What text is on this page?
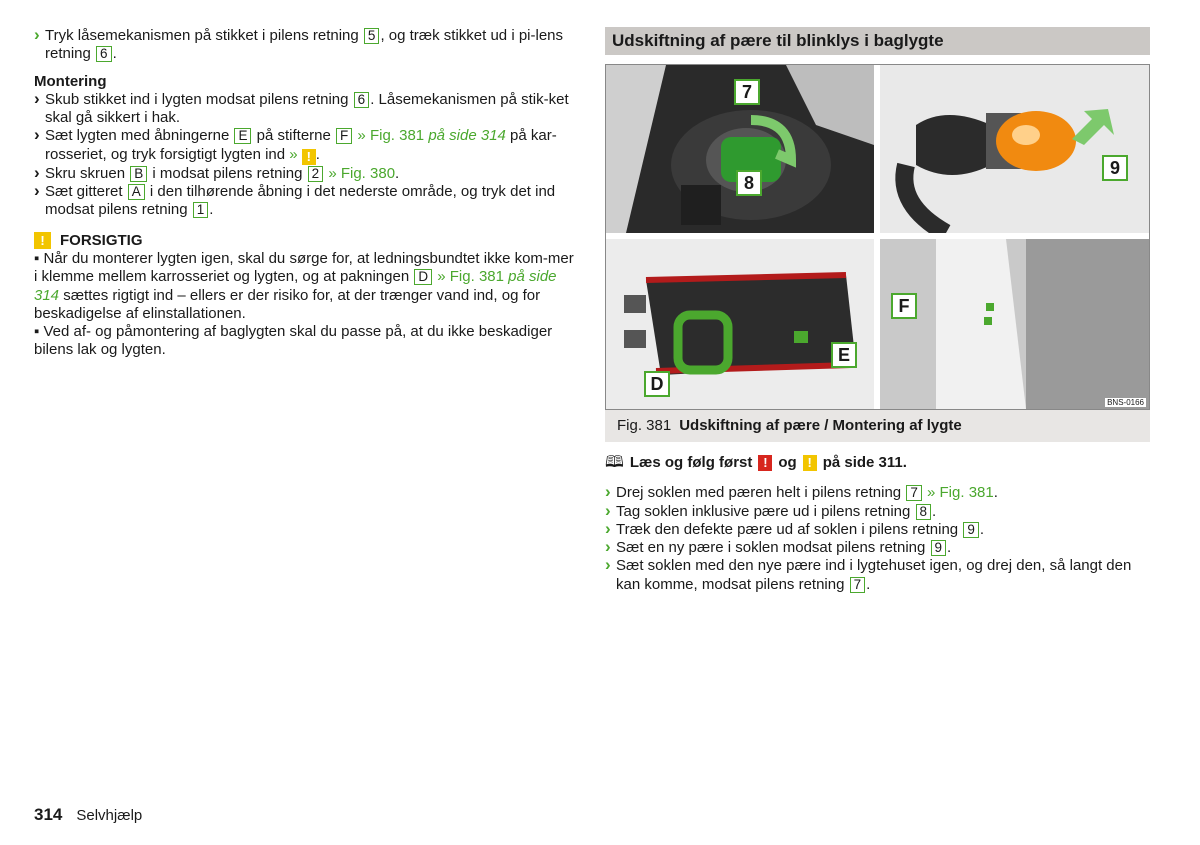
› Tryk låsemekanismen på stikket i pilens retning 5 , og træk stikket ud i pi-lens retning 6 .

Montering

› Skub stikket ind i lygten modsat pilens retning 6 . Låsemekanismen på stik-ket skal gå sikkert i hak.

› Sæt lygten med åbningerne E på stifterne F » Fig. 381 på side 314 på kar-rosseriet, og tryk forsigtigt lygten ind » ! .

› Skru skruen B i modsat pilens retning 2 » Fig. 380.

› Sæt gitteret A i den tilhørende åbning i det nederste område, og tryk det ind modsat pilens retning 1 .

!	FORSIGTIG

▪ Når du monterer lygten igen, skal du sørge for, at ledningsbundtet ikke kom-mer i klemme mellem karrosseriet og lygten, og at pakningen D » Fig. 381 på side 314 sættes rigtigt ind – ellers er der risiko for, at der trænger vand ind, og for beskadigelse af elinstallationen.

▪ Ved af- og påmontering af baglygten skal du passe på, at du ikke beskadiger bilens lak og lygten.

Udskiftning af pære til blinklys i baglygte
7
8
9
D
E
F
BNS-0166
Fig. 381 Udskiftning af pære / Montering af lygte
🕮 Læs og følg først ! og ! på side 311.

› Drej soklen med pæren helt i pilens retning 7 » Fig. 381.

› Tag soklen inklusive pære ud i pilens retning 8 .

› Træk den defekte pære ud af soklen i pilens retning 9 .

› Sæt en ny pære i soklen modsat pilens retning 9 .

› Sæt soklen med den nye pære ind i lygtehuset igen, og drej den, så langt den kan komme, modsat pilens retning 7 .

314 Selvhjælp
